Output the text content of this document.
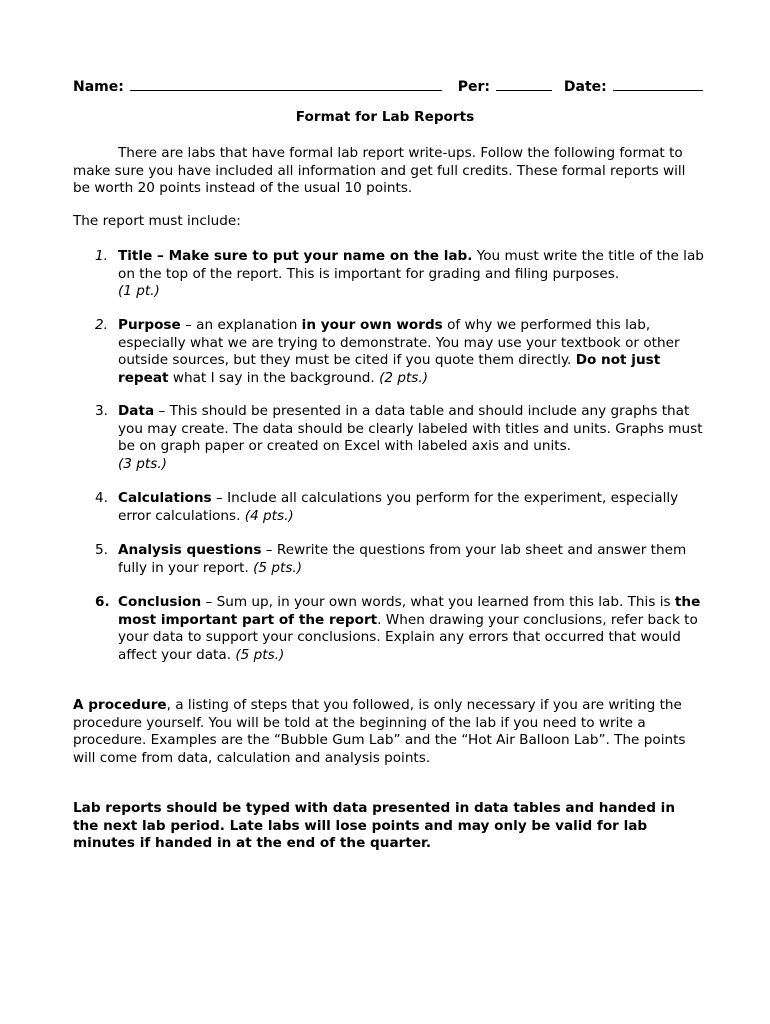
Name:	Per:	Date:
Format for Lab Reports
There are labs that have formal lab report write-ups. Follow the following format to make sure you have included all information and get full credits. These formal reports will be worth 20 points instead of the usual 10 points.
The report must include:
1. Title – Make sure to put your name on the lab. You must write the title of the lab on the top of the report. This is important for grading and filing purposes.
(1 pt.)
2. Purpose – an explanation in your own words of why we performed this lab, especially what we are trying to demonstrate. You may use your textbook or other outside sources, but they must be cited if you quote them directly. Do not just repeat what I say in the background. (2 pts.)
3. Data – This should be presented in a data table and should include any graphs that you may create. The data should be clearly labeled with titles and units. Graphs must be on graph paper or created on Excel with labeled axis and units.
(3 pts.)
4. Calculations – Include all calculations you perform for the experiment, especially error calculations. (4 pts.)
5. Analysis questions – Rewrite the questions from your lab sheet and answer them fully in your report. (5 pts.)
6. Conclusion – Sum up, in your own words, what you learned from this lab. This is the most important part of the report. When drawing your conclusions, refer back to your data to support your conclusions. Explain any errors that occurred that would affect your data. (5 pts.)
A procedure, a listing of steps that you followed, is only necessary if you are writing the procedure yourself. You will be told at the beginning of the lab if you need to write a procedure. Examples are the “Bubble Gum Lab” and the “Hot Air Balloon Lab”. The points will come from data, calculation and analysis points.
Lab reports should be typed with data presented in data tables and handed in the next lab period. Late labs will lose points and may only be valid for lab minutes if handed in at the end of the quarter.
